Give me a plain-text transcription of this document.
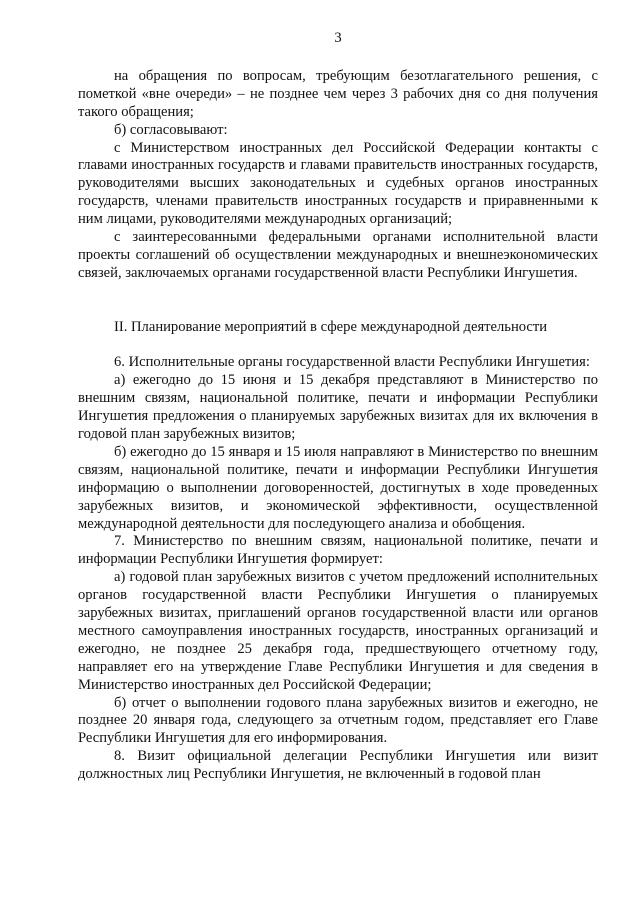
3

на обращения по вопросам, требующим безотлагательного решения, с пометкой «вне очереди» – не позднее чем через 3 рабочих дня со дня получения такого обращения;

б) согласовывают:

с Министерством иностранных дел Российской Федерации контакты с главами иностранных государств и главами правительств иностранных государств, руководителями высших законодательных и судебных органов иностранных государств, членами правительств иностранных государств и приравненными к ним лицами, руководителями международных организаций;

с заинтересованными федеральными органами исполнительной власти проекты соглашений об осуществлении международных и внешнеэкономических связей, заключаемых органами государственной власти Республики Ингушетия.

II. Планирование мероприятий в сфере международной деятельности

6. Исполнительные органы государственной власти Республики Ингушетия:

а) ежегодно до 15 июня и 15 декабря представляют в Министерство по внешним связям, национальной политике, печати и информации Республики Ингушетия предложения о планируемых зарубежных визитах для их включения в годовой план зарубежных визитов;

б) ежегодно до 15 января и 15 июля направляют в Министерство по внешним связям, национальной политике, печати и информации Республики Ингушетия информацию о выполнении договоренностей, достигнутых в ходе проведенных зарубежных визитов, и экономической эффективности, осуществленной международной деятельности для последующего анализа и обобщения.

7. Министерство по внешним связям, национальной политике, печати и информации Республики Ингушетия формирует:

а) годовой план зарубежных визитов с учетом предложений исполнительных органов государственной власти Республики Ингушетия о планируемых зарубежных визитах, приглашений органов государственной власти или органов местного самоуправления иностранных государств, иностранных организаций и ежегодно, не позднее 25 декабря года, предшествующего отчетному году, направляет его на утверждение Главе Республики Ингушетия и для сведения в Министерство иностранных дел Российской Федерации;

б) отчет о выполнении годового плана зарубежных визитов и ежегодно, не позднее 20 января года, следующего за отчетным годом, представляет его Главе Республики Ингушетия для его информирования.

8. Визит официальной делегации Республики Ингушетия или визит должностных лиц Республики Ингушетия, не включенный в годовой план
